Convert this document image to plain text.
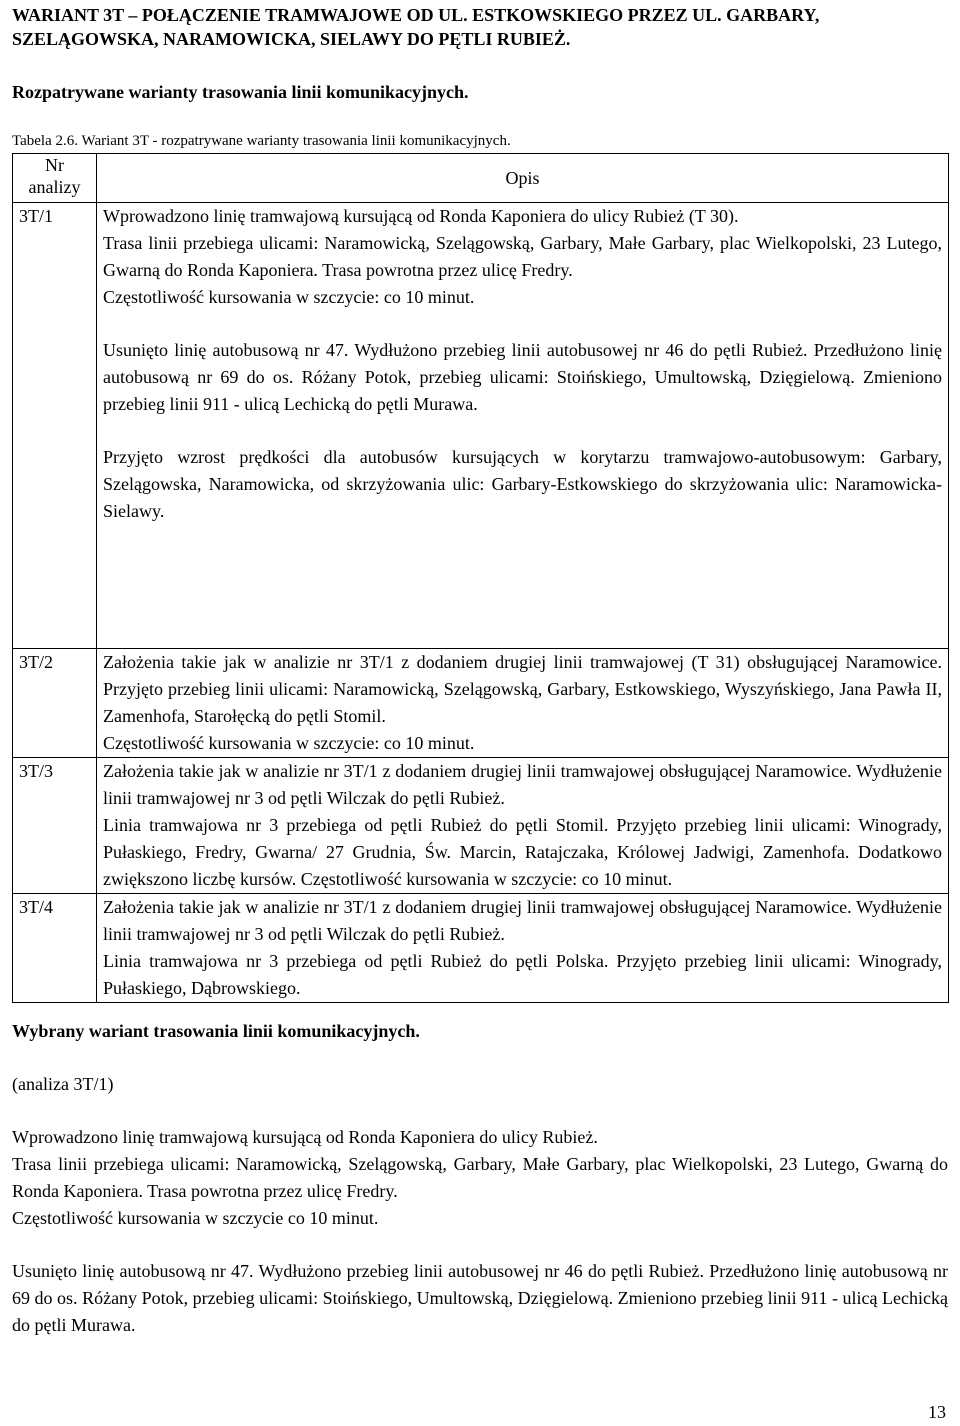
WARIANT 3T – POŁĄCZENIE TRAMWAJOWE OD UL. ESTKOWSKIEGO PRZEZ UL. GARBARY, SZELĄGOWSKA, NARAMOWICKA, SIELAWY DO PĘTLI RUBIEŻ.
Rozpatrywane warianty trasowania linii komunikacyjnych.
Tabela 2.6. Wariant 3T - rozpatrywane warianty trasowania linii komunikacyjnych.
Nr
analizy	Opis
3T/1	Wprowadzono linię tramwajową kursującą od Ronda Kaponiera do ulicy Rubież (T 30).

Trasa linii przebiega ulicami: Naramowicką, Szelągowską, Garbary, Małe Garbary, plac Wielkopolski, 23 Lutego, Gwarną do Ronda Kaponiera. Trasa powrotna przez ulicę Fredry.

Częstotliwość kursowania w szczycie: co 10 minut.

Usunięto linię autobusową nr 47. Wydłużono przebieg linii autobusowej nr 46 do pętli Rubież. Przedłużono linię autobusową nr 69 do os. Różany Potok, przebieg ulicami: Stoińskiego, Umultowską, Dzięgielową. Zmieniono przebieg linii 911 - ulicą Lechicką do pętli Murawa.

Przyjęto wzrost prędkości dla autobusów kursujących w korytarzu tramwajowo-autobusowym: Garbary, Szelągowska, Naramowicka, od skrzyżowania ulic: Garbary-Estkowskiego do skrzyżowania ulic: Naramowicka-Sielawy.

3T/2	Założenia takie jak w analizie nr 3T/1 z dodaniem drugiej linii tramwajowej (T 31) obsługującej Naramowice. Przyjęto przebieg linii ulicami: Naramowicką, Szelągowską, Garbary, Estkowskiego, Wyszyńskiego, Jana Pawła II, Zamenhofa, Starołęcką do pętli Stomil.

Częstotliwość kursowania w szczycie: co 10 minut.

3T/3	Założenia takie jak w analizie nr 3T/1 z dodaniem drugiej linii tramwajowej obsługującej Naramowice. Wydłużenie linii tramwajowej nr 3 od pętli Wilczak do pętli Rubież.

Linia tramwajowa nr 3 przebiega od pętli Rubież do pętli Stomil. Przyjęto przebieg linii ulicami: Winogrady, Pułaskiego, Fredry, Gwarna/ 27 Grudnia, Św. Marcin, Ratajczaka, Królowej Jadwigi, Zamenhofa. Dodatkowo zwiększono liczbę kursów. Częstotliwość kursowania w szczycie: co 10 minut.

3T/4	Założenia takie jak w analizie nr 3T/1 z dodaniem drugiej linii tramwajowej obsługującej Naramowice. Wydłużenie linii tramwajowej nr 3 od pętli Wilczak do pętli Rubież.

Linia tramwajowa nr 3 przebiega od pętli Rubież do pętli Polska. Przyjęto przebieg linii ulicami: Winogrady, Pułaskiego, Dąbrowskiego.

Wybrany wariant trasowania linii komunikacyjnych.
(analiza 3T/1)

Wprowadzono linię tramwajową kursującą od Ronda Kaponiera do ulicy Rubież.

Trasa linii przebiega ulicami: Naramowicką, Szelągowską, Garbary, Małe Garbary, plac Wielkopolski, 23 Lutego, Gwarną do Ronda Kaponiera. Trasa powrotna przez ulicę Fredry.

Częstotliwość kursowania w szczycie co 10 minut.

Usunięto linię autobusową nr 47. Wydłużono przebieg linii autobusowej nr 46 do pętli Rubież. Przedłużono linię autobusową nr 69 do os. Różany Potok, przebieg ulicami: Stoińskiego, Umultowską, Dzięgielową. Zmieniono przebieg linii 911 - ulicą Lechicką do pętli Murawa.

13
